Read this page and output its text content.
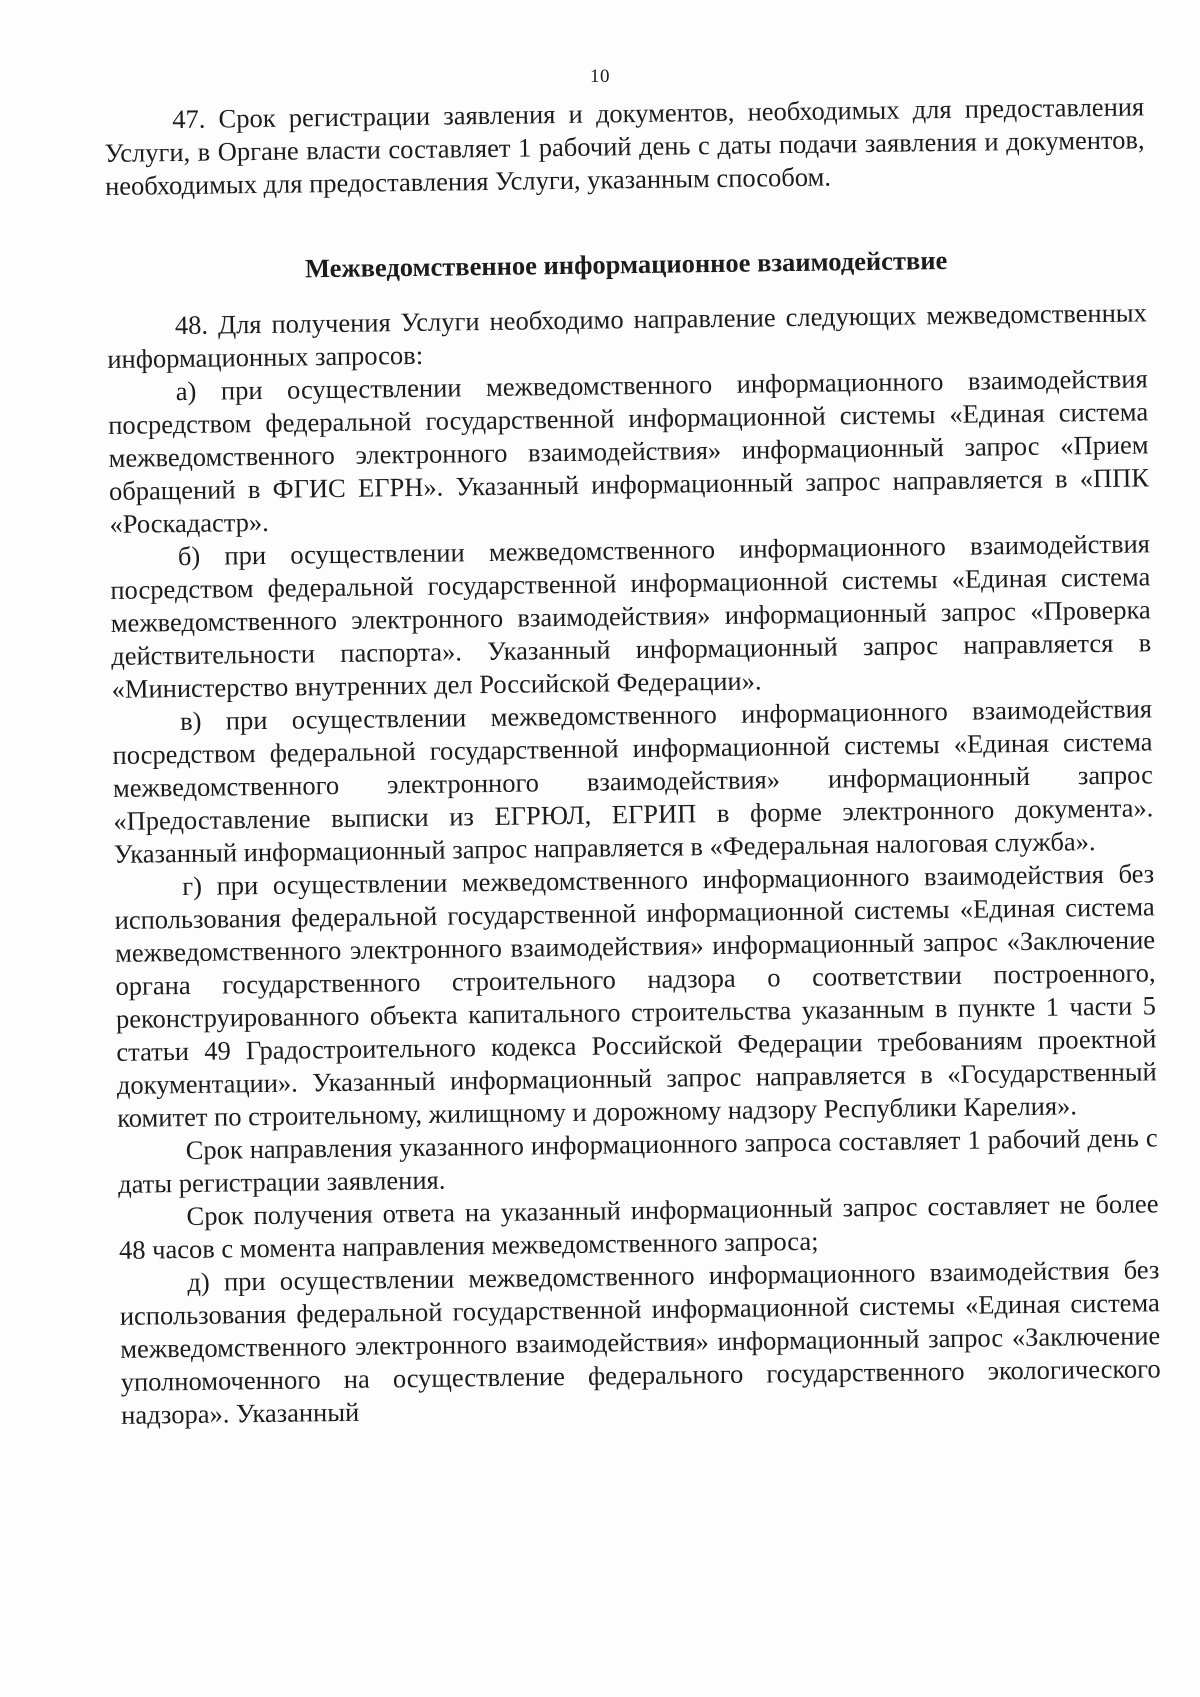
10

47. Срок регистрации заявления и документов, необходимых для предоставления Услуги, в Органе власти составляет 1 рабочий день с даты подачи заявления и документов, необходимых для предоставления Услуги, указанным способом.

Межведомственное информационное взаимодействие

48. Для получения Услуги необходимо направление следующих межведомственных информационных запросов:

а) при осуществлении межведомственного информационного взаимодействия посредством федеральной государственной информационной системы «Единая система межведомственного электронного взаимодействия» информационный запрос «Прием обращений в ФГИС ЕГРН». Указанный информационный запрос направляется в «ППК «Роскадастр».

б) при осуществлении межведомственного информационного взаимодействия посредством федеральной государственной информационной системы «Единая система межведомственного электронного взаимодействия» информационный запрос «Проверка действительности паспорта». Указанный информационный запрос направляется в «Министерство внутренних дел Российской Федерации».

в) при осуществлении межведомственного информационного взаимодействия посредством федеральной государственной информационной системы «Единая система межведомственного электронного взаимодействия» информационный запрос «Предоставление выписки из ЕГРЮЛ, ЕГРИП в форме электронного документа». Указанный информационный запрос направляется в «Федеральная налоговая служба».

г) при осуществлении межведомственного информационного взаимодействия без использования федеральной государственной информационной системы «Единая система межведомственного электронного взаимодействия» информационный запрос «Заключение органа государственного строительного надзора о соответствии построенного, реконструированного объекта капитального строительства указанным в пункте 1 части 5 статьи 49 Градостроительного кодекса Российской Федерации требованиям проектной документации». Указанный информационный запрос направляется в «Государственный комитет по строительному, жилищному и дорожному надзору Республики Карелия».

Срок направления указанного информационного запроса составляет 1 рабочий день с даты регистрации заявления.

Срок получения ответа на указанный информационный запрос составляет не более 48 часов с момента направления межведомственного запроса;

д) при осуществлении межведомственного информационного взаимодействия без использования федеральной государственной информационной системы «Единая система межведомственного электронного взаимодействия» информационный запрос «Заключение уполномоченного на осуществление федерального государственного экологического надзора». Указанный
